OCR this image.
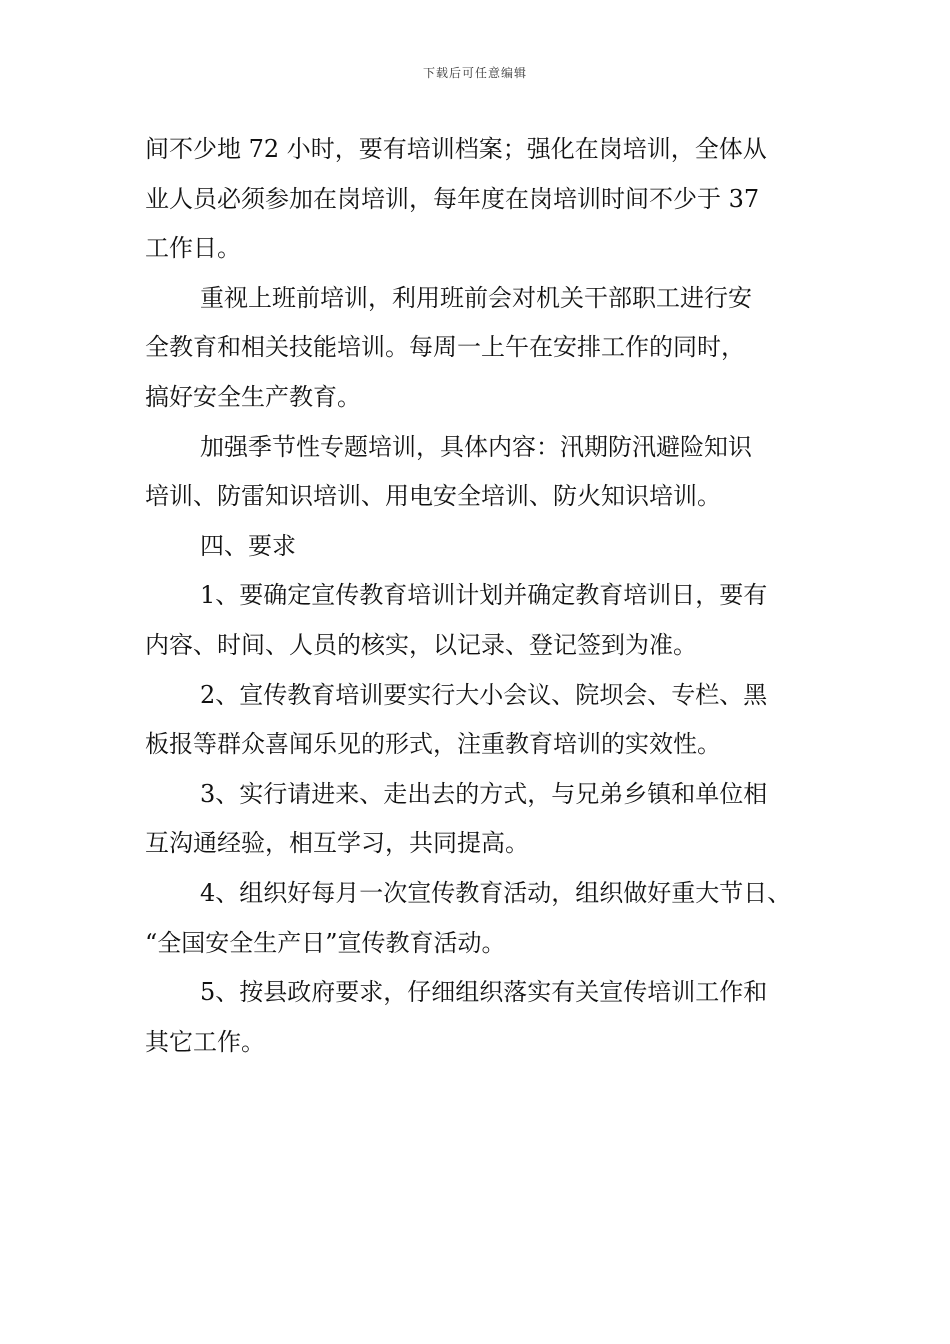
下载后可任意编辑
间不少地 72 小时，要有培训档案；强化在岗培训，全体从
业人员必须参加在岗培训，每年度在岗培训时间不少于 37
工作日。
重视上班前培训，利用班前会对机关干部职工进行安
全教育和相关技能培训。每周一上午在安排工作的同时，
搞好安全生产教育。
加强季节性专题培训，具体内容：汛期防汛避险知识
培训、防雷知识培训、用电安全培训、防火知识培训。
四、要求
1、要确定宣传教育培训计划并确定教育培训日，要有
内容、时间、人员的核实，以记录、登记签到为准。
2、宣传教育培训要实行大小会议、院坝会、专栏、黑
板报等群众喜闻乐见的形式，注重教育培训的实效性。
3、实行请进来、走出去的方式，与兄弟乡镇和单位相
互沟通经验，相互学习，共同提高。
4、组织好每月一次宣传教育活动，组织做好重大节日、
“全国安全生产日”宣传教育活动。
5、按县政府要求，仔细组织落实有关宣传培训工作和
其它工作。
